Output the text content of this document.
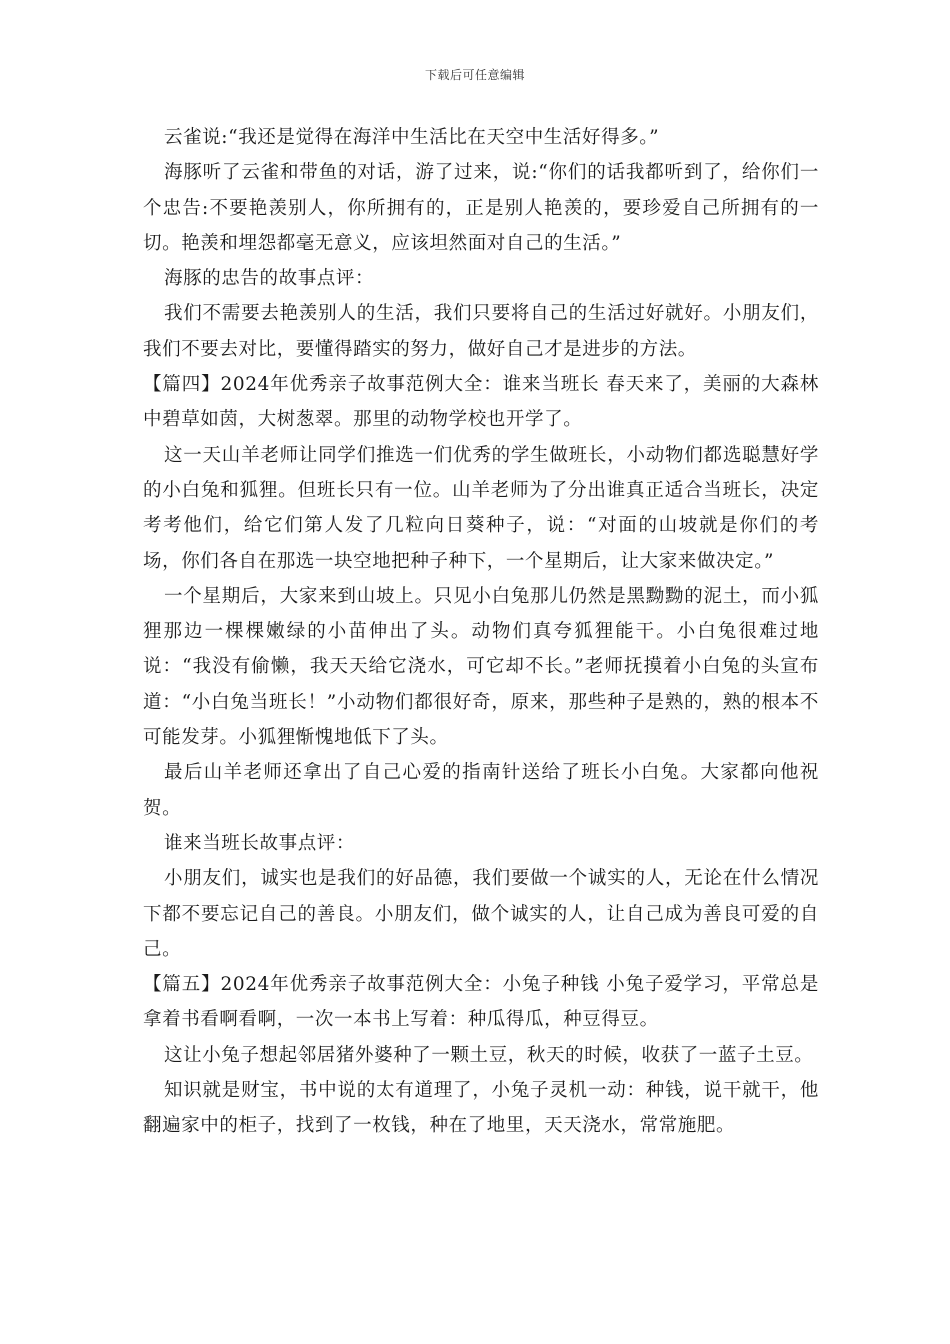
下载后可任意编辑

云雀说:“我还是觉得在海洋中生活比在天空中生活好得多。”

海豚听了云雀和带鱼的对话，游了过来，说:“你们的话我都听到了，给你们一个忠告:不要艳羡别人，你所拥有的，正是别人艳羡的，要珍爱自己所拥有的一切。艳羡和埋怨都毫无意义，应该坦然面对自己的生活。”

海豚的忠告的故事点评：

我们不需要去艳羡别人的生活，我们只要将自己的生活过好就好。小朋友们，我们不要去对比，要懂得踏实的努力，做好自己才是进步的方法。

【篇四】2024年优秀亲子故事范例大全：谁来当班长 春天来了，美丽的大森林中碧草如茵，大树葱翠。那里的动物学校也开学了。

这一天山羊老师让同学们推选一们优秀的学生做班长，小动物们都选聪慧好学的小白兔和狐狸。但班长只有一位。山羊老师为了分出谁真正适合当班长，决定考考他们，给它们第人发了几粒向日葵种子，说：“对面的山坡就是你们的考场，你们各自在那选一块空地把种子种下，一个星期后，让大家来做决定。”

一个星期后，大家来到山坡上。只见小白兔那儿仍然是黑黝黝的泥土，而小狐狸那边一棵棵嫩绿的小苗伸出了头。动物们真夸狐狸能干。小白兔很难过地说：“我没有偷懒，我天天给它浇水，可它却不长。”老师抚摸着小白兔的头宣布道：“小白兔当班长！”小动物们都很好奇，原来，那些种子是熟的，熟的根本不可能发芽。小狐狸惭愧地低下了头。

最后山羊老师还拿出了自己心爱的指南针送给了班长小白兔。大家都向他祝贺。

谁来当班长故事点评：

小朋友们，诚实也是我们的好品德，我们要做一个诚实的人，无论在什么情况下都不要忘记自己的善良。小朋友们，做个诚实的人，让自己成为善良可爱的自己。

【篇五】2024年优秀亲子故事范例大全：小兔子种钱 小兔子爱学习，平常总是拿着书看啊看啊，一次一本书上写着：种瓜得瓜，种豆得豆。

这让小兔子想起邻居猪外婆种了一颗土豆，秋天的时候，收获了一蓝子土豆。

知识就是财宝，书中说的太有道理了，小兔子灵机一动：种钱，说干就干，他翻遍家中的柜子，找到了一枚钱，种在了地里，天天浇水，常常施肥。
